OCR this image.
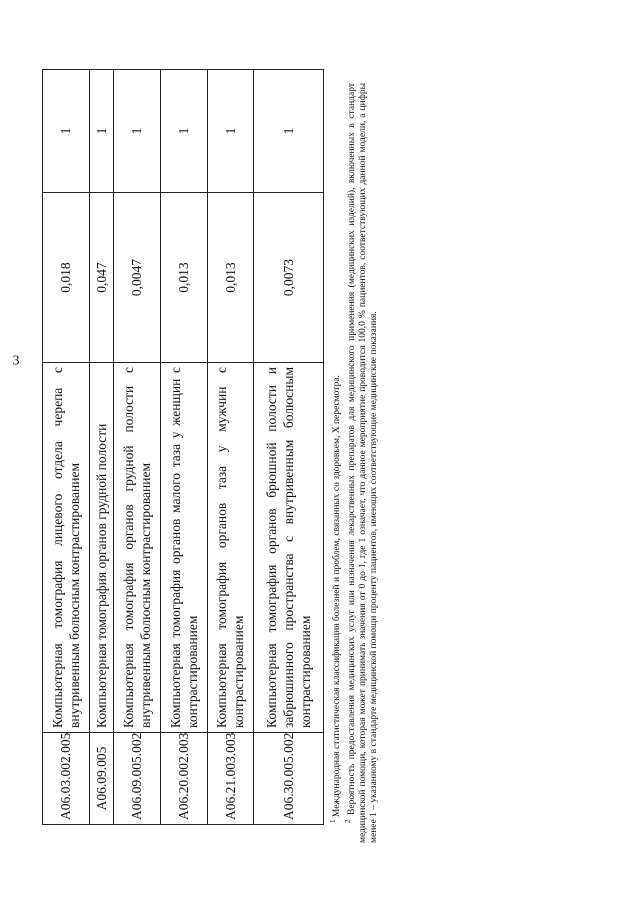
3
A06.03.002.005	Компьютерная томография лицевого отдела черепа с внутривенным болюсным контрастированием	0,018	1
A06.09.005	Компьютерная томография органов грудной полости	0,047	1
A06.09.005.002	Компьютерная томография органов грудной полости с внутривенным болюсным контрастированием	0,0047	1
A06.20.002.003	Компьютерная томография органов малого таза у женщин с контрастированием	0,013	1
A06.21.003.003	Компьютерная томография органов таза у мужчин с контрастированием	0,013	1
A06.30.005.002	Компьютерная томография органов брюшной полости и забрюшинного пространства с внутривенным болюсным контрастированием	0,0073	1

$^1$ Международная статистическая классификация болезней и проблем, связанных со здоровьем, X пересмотра.

$^2$ Вероятность предоставления медицинских услуг или назначения лекарственных препаратов для медицинского применения (медицинских изделий), включенных в стандарт медицинской помощи, которая может принимать значения от 0 до 1, где 1 означает, что данное мероприятие проводится 100,0 % пациентов, соответствующих данной модели, а цифры менее 1 – указанному в стандарте медицинской помощи проценту пациентов, имеющих соответствующие медицинские показания.
